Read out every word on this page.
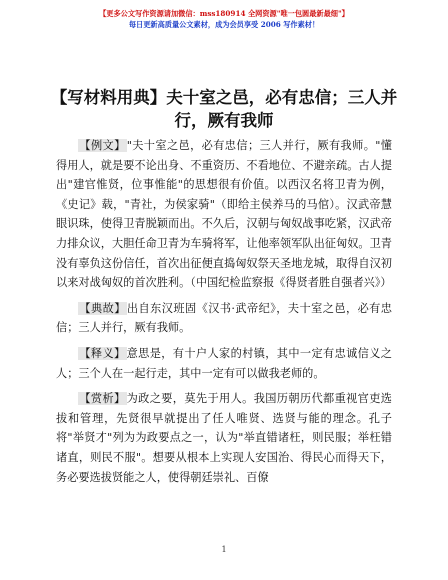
【更多公文写作资源请加微信：mss180914 全网资源"唯一包圆最新最细"】
每日更新高质量公文素材，成为会员享受 2006 写作素材！
【写材料用典】夫十室之邑，必有忠信；三人并行，厥有我师

【例文】"夫十室之邑，必有忠信；三人并行，厥有我师。"懂得用人，就是要不论出身、不重资历、不看地位、不避亲疏。古人提出"建官惟贤，位事惟能"的思想很有价值。以西汉名将卫青为例，《史记》载，"青社，为侯家骑"（即给主侯养马的马倌）。汉武帝慧眼识珠，使得卫青脱颖而出。不久后，汉朝与匈奴战事吃紧，汉武帝力排众议，大胆任命卫青为车骑将军，让他率领军队出征匈奴。卫青没有辜负这份信任，首次出征便直捣匈奴祭天圣地龙城，取得自汉初以来对战匈奴的首次胜利。（中国纪检监察报《得贤者胜自强者兴》）

【典故】出自东汉班固《汉书·武帝纪》，夫十室之邑，必有忠信；三人并行，厥有我师。

【释义】意思是，有十户人家的村镇，其中一定有忠诚信义之人；三个人在一起行走，其中一定有可以做我老师的。

【赏析】为政之要，莫先于用人。我国历朝历代都重视官吏选拔和管理，先贤很早就提出了任人唯贤、选贤与能的理念。孔子将"举贤才"列为为政要点之一，认为"举直错诸枉，则民服；举枉错诸直，则民不服"。想要从根本上实现人安国治、得民心而得天下，务必要选拔贤能之人，使得朝廷崇礼、百僚

1
